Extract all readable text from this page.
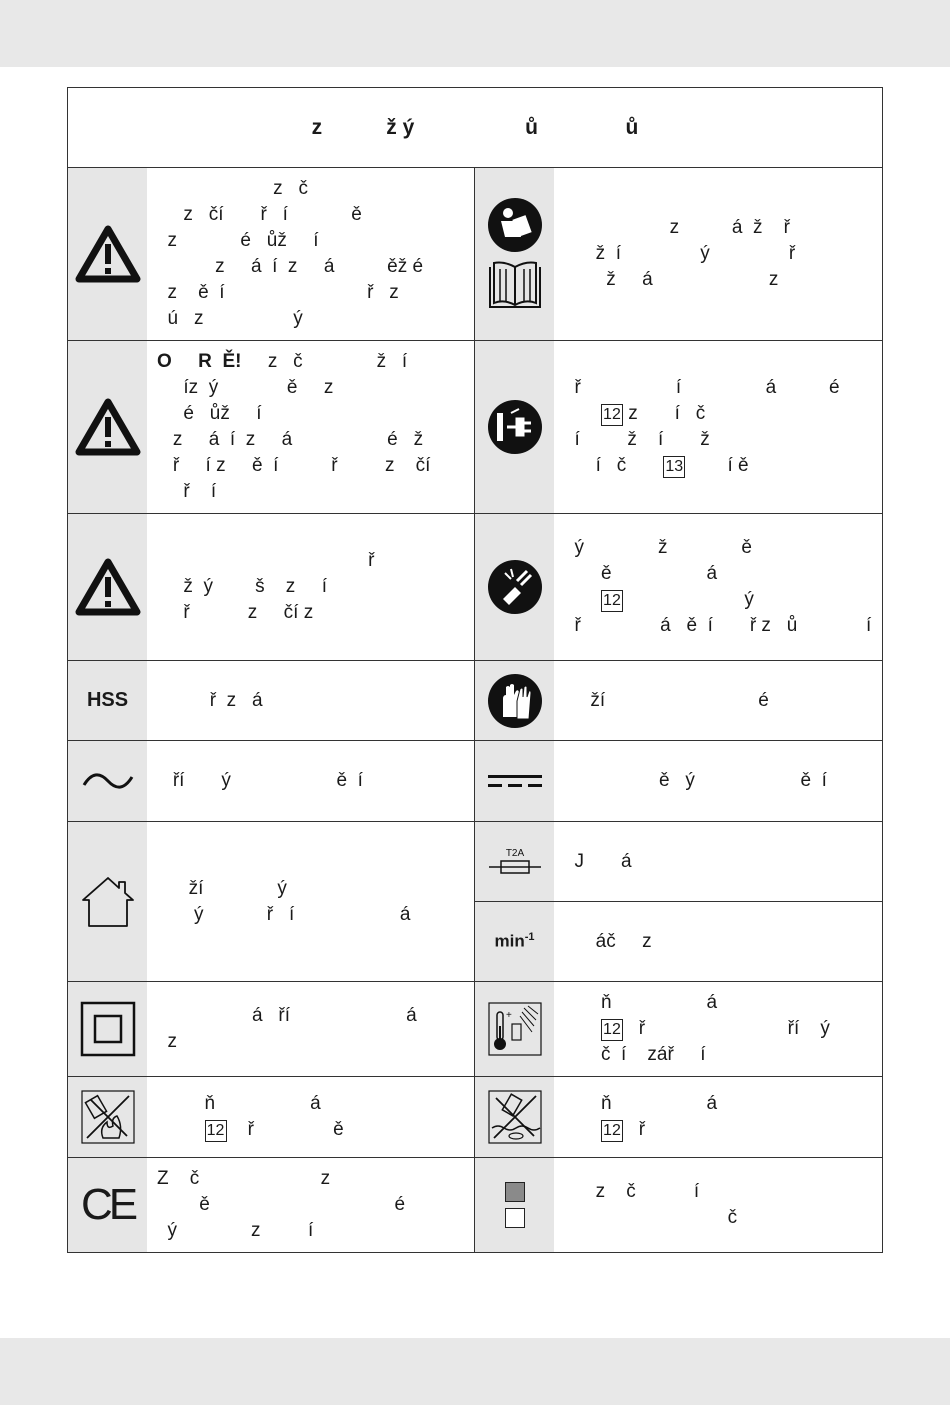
z           ž ý                   ů               ů
z   č
z   čí       ř   í            ě
z            é   ůž     í
z     á  í  z     á          ěž é
z    ě  í                           ř   z
ú   z                 ý
z          á  ž    ř
ž  í               ý               ř
ž     á                      z
O     R  Ě!     z   č              ž   í
íz  ý             ě     z
é   ůž     í
z     á  í  z     á                  é   ž
ř     í z     ě  í          ř         z    čí
ř    í
ř                  í                á          é
12 z       í   č
í         ž    í       ž
í   č       13        í ě
ř
ž  ý        š    z     í
ř           z     čí z
ý              ž              ě
ě                  á
12                       ý
ř               á   ě  í       ř z   ů             í
HSS ř  z   á	ží                             é
ří       ý                    ě  í	ě   ý                    ě  í
ží              ý
ý            ř   í                    á
T2A J       á
$\min^{-1}$ áč     z
á   ří                      á
z
+
ň                  á
12   ř                           ří    ý
č  í    zář     í
ň                  á
12    ř               ě
ň                  á
12   ř
CE
Z    č                       z
ě                                   é
ý              z         í
z    č           í
č
